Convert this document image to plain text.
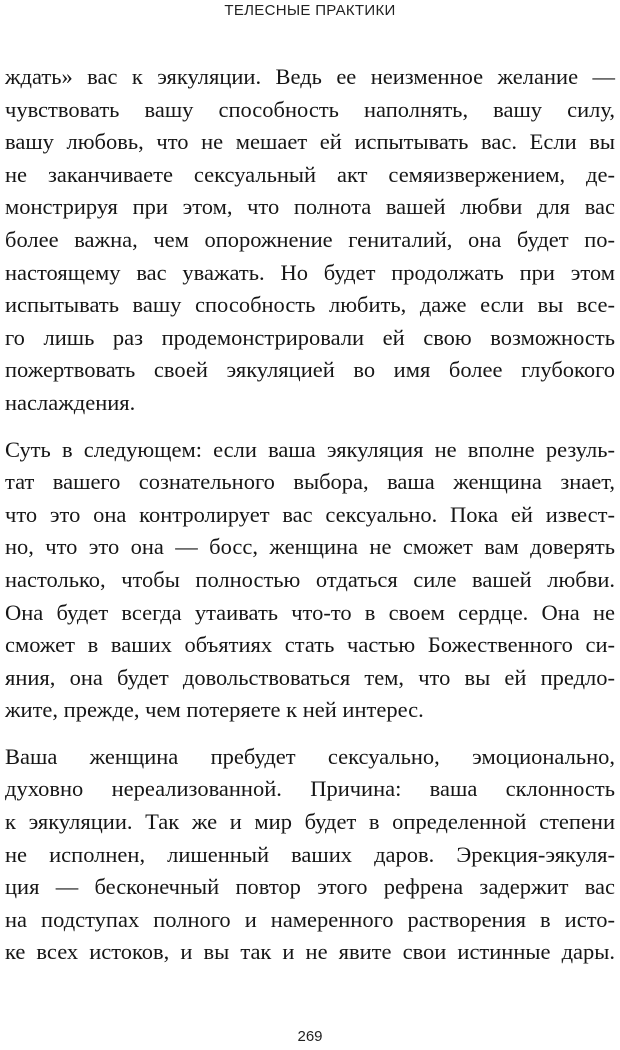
ТЕЛЕСНЫЕ ПРАКТИКИ

ждать» вас к эякуляции. Ведь ее неизменное желание —
чувствовать вашу способность наполнять, вашу силу,
вашу любовь, что не мешает ей испытывать вас. Если вы
не заканчиваете сексуальный акт семяизвержением, де-
монстрируя при этом, что полнота вашей любви для вас
более важна, чем опорожнение гениталий, она будет по-
настоящему вас уважать. Но будет продолжать при этом
испытывать вашу способность любить, даже если вы все-
го лишь раз продемонстрировали ей свою возможность
пожертвовать своей эякуляцией во имя более глубокого
наслаждения.

Суть в следующем: если ваша эякуляция не вполне резуль-
тат вашего сознательного выбора, ваша женщина знает,
что это она контролирует вас сексуально. Пока ей извест-
но, что это она — босс, женщина не сможет вам доверять
настолько, чтобы полностью отдаться силе вашей любви.
Она будет всегда утаивать что-то в своем сердце. Она не
сможет в ваших объятиях стать частью Божественного си-
яния, она будет довольствоваться тем, что вы ей предло-
жите, прежде, чем потеряете к ней интерес.

Ваша женщина пребудет сексуально, эмоционально,
духовно нереализованной. Причина: ваша склонность
к эякуляции. Так же и мир будет в определенной степени
не исполнен, лишенный ваших даров. Эрекция-эякуля-
ция — бесконечный повтор этого рефрена задержит вас
на подступах полного и намеренного растворения в исто-
ке всех истоков, и вы так и не явите свои истинные дары.

269
